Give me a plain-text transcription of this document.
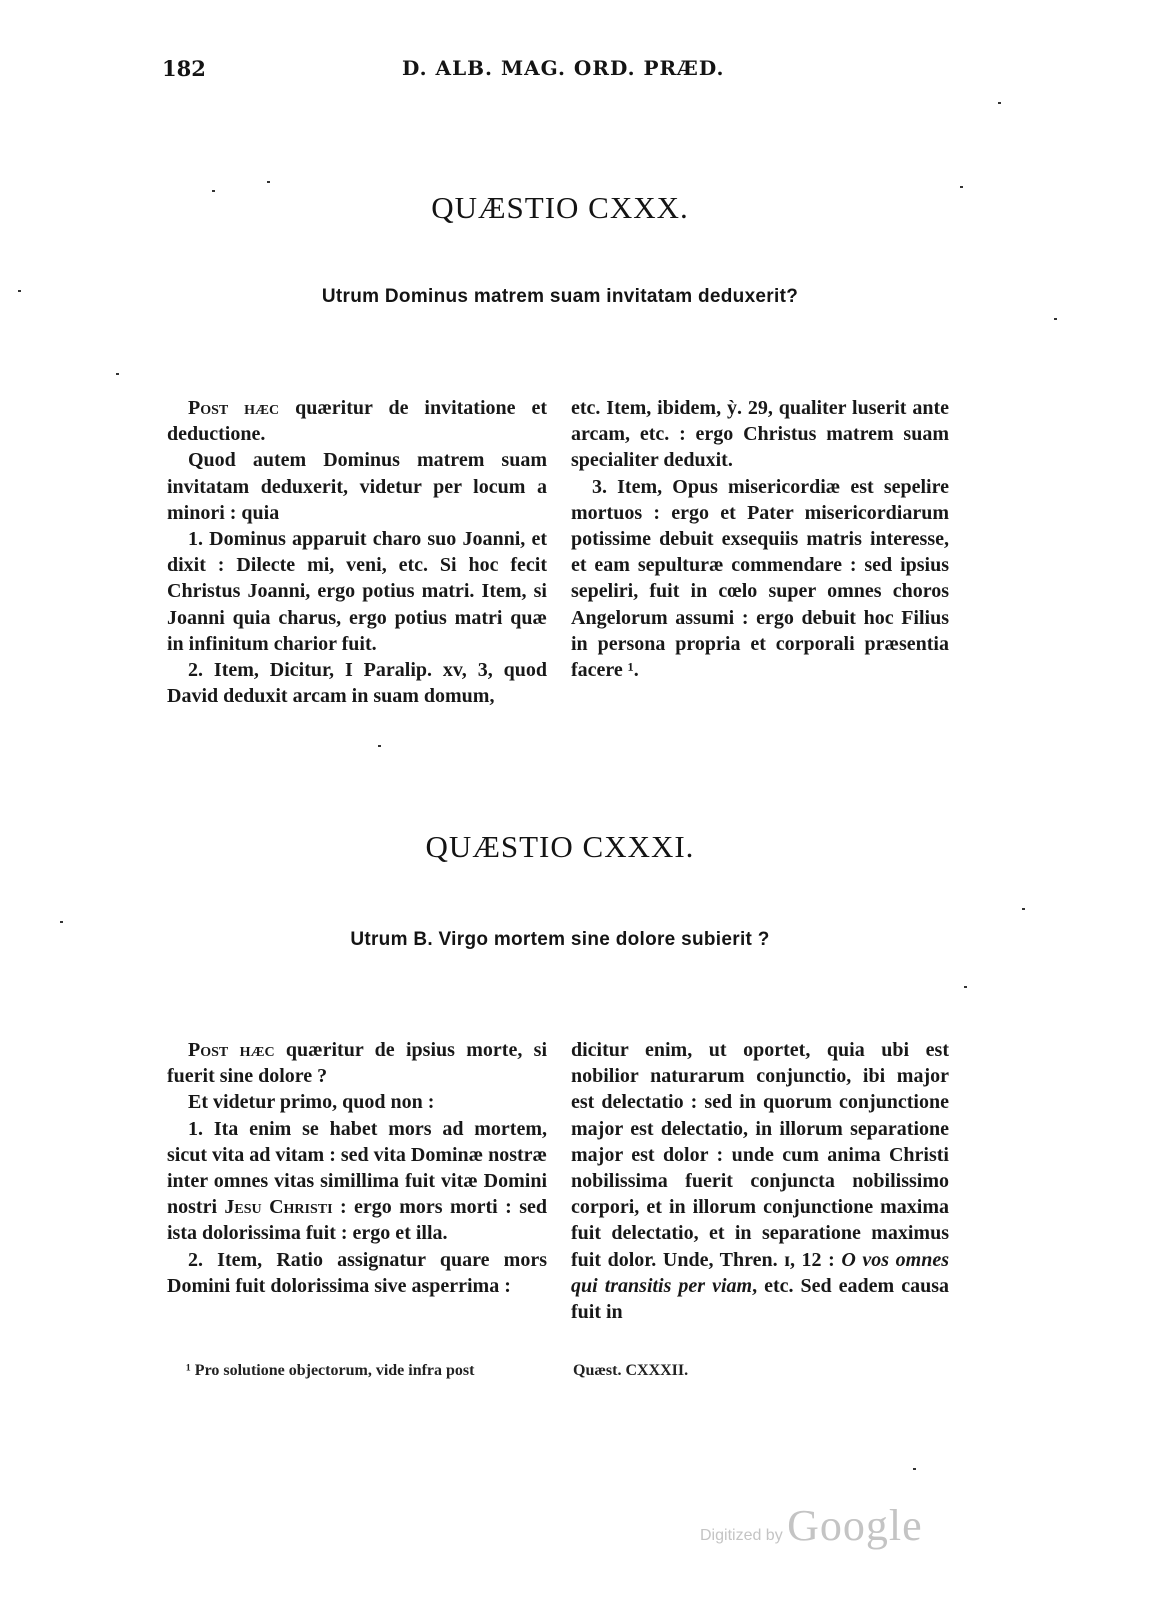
182	D. ALB. MAG. ORD. PRÆD.
QUÆSTIO CXXX.
Utrum Dominus matrem suam invitatam deduxerit?

Post hæc quæritur de invitatione et deductione.

Quod autem Dominus matrem suam invitatam deduxerit, videtur per locum a minori : quia

1. Dominus apparuit charo suo Joanni, et dixit : Dilecte mi, veni, etc. Si hoc fecit Christus Joanni, ergo potius matri. Item, si Joanni quia charus, ergo potius matri quæ in infinitum charior fuit.

2. Item, Dicitur, I Paralip. xv, 3, quod David deduxit arcam in suam domum,

etc. Item, ibidem, ỳ. 29, qualiter luserit ante arcam, etc. : ergo Christus matrem suam specialiter deduxit.

3. Item, Opus misericordiæ est sepelire mortuos : ergo et Pater misericordiarum potissime debuit exsequiis matris interesse, et eam sepulturæ commendare : sed ipsius sepeliri, fuit in cœlo super omnes choros Angelorum assumi : ergo debuit hoc Filius in persona propria et corporali præsentia facere ¹.

QUÆSTIO CXXXI.
Utrum B. Virgo mortem sine dolore subierit ?

Post hæc quæritur de ipsius morte, si fuerit sine dolore ?

Et videtur primo, quod non :

1. Ita enim se habet mors ad mortem, sicut vita ad vitam : sed vita Dominæ nostræ inter omnes vitas simillima fuit vitæ Domini nostri Jesu Christi : ergo mors morti : sed ista dolorissima fuit : ergo et illa.

2. Item, Ratio assignatur quare mors Domini fuit dolorissima sive asperrima :

dicitur enim, ut oportet, quia ubi est nobilior naturarum conjunctio, ibi major est delectatio : sed in quorum conjunctione major est delectatio, in illorum separatione major est dolor : unde cum anima Christi nobilissima fuerit conjuncta nobilissimo corpori, et in illorum conjunctione maxima fuit delectatio, et in separatione maximus fuit dolor. Unde, Thren. ɪ, 12 : O vos omnes qui transitis per viam, etc. Sed eadem causa fuit in

¹ Pro solutione objectorum, vide infra post	Quæst. CXXXII.
Digitized by Google
